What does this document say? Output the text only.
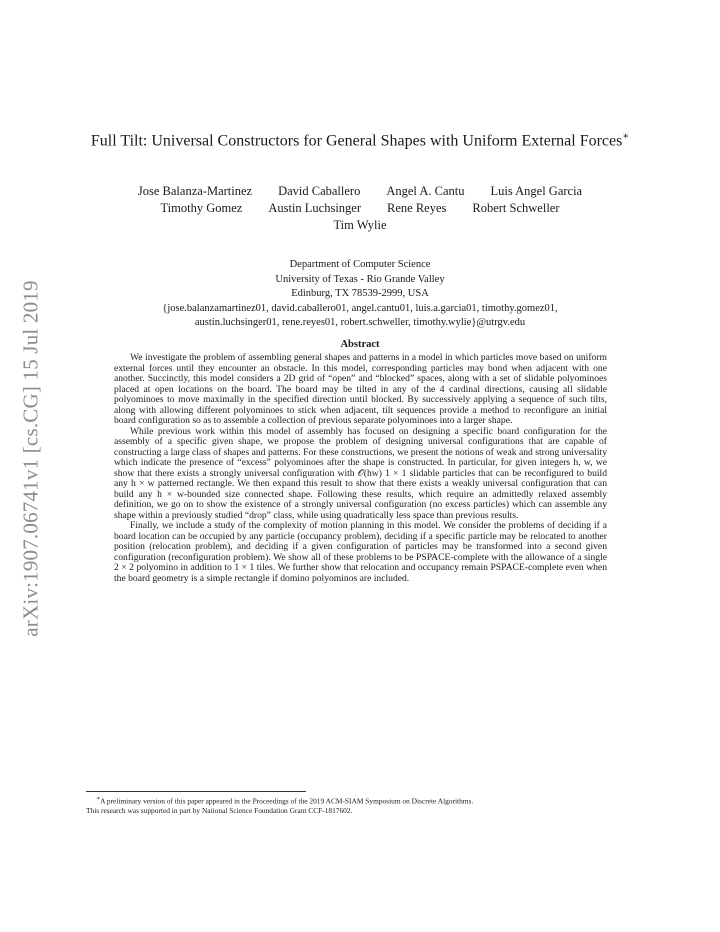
arXiv:1907.06741v1 [cs.CG] 15 Jul 2019
Full Tilt: Universal Constructors for General Shapes with Uniform External Forces∗
Jose Balanza-Martinez David Caballero Angel A. Cantu Luis Angel Garcia
Timothy Gomez Austin Luchsinger Rene Reyes Robert Schweller
Tim Wylie
Department of Computer Science
University of Texas - Rio Grande Valley
Edinburg, TX 78539-2999, USA
{jose.balanzamartinez01, david.caballero01, angel.cantu01, luis.a.garcia01, timothy.gomez01,
austin.luchsinger01, rene.reyes01, robert.schweller, timothy.wylie}@utrgv.edu
Abstract

We investigate the problem of assembling general shapes and patterns in a model in which particles move based on uniform external forces until they encounter an obstacle. In this model, corresponding particles may bond when adjacent with one another. Succinctly, this model considers a 2D grid of “open” and “blocked” spaces, along with a set of slidable polyominoes placed at open locations on the board. The board may be tilted in any of the 4 cardinal directions, causing all slidable polyominoes to move maximally in the specified direction until blocked. By successively applying a sequence of such tilts, along with allowing different polyominoes to stick when adjacent, tilt sequences provide a method to reconfigure an initial board configuration so as to assemble a collection of previous separate polyominoes into a larger shape.

While previous work within this model of assembly has focused on designing a specific board configuration for the assembly of a specific given shape, we propose the problem of designing universal configurations that are capable of constructing a large class of shapes and patterns. For these constructions, we present the notions of weak and strong universality which indicate the presence of “excess” polyominoes after the shape is constructed. In particular, for given integers h, w, we show that there exists a strongly universal configuration with 𝒪(hw) 1 × 1 slidable particles that can be reconfigured to build any h × w patterned rectangle. We then expand this result to show that there exists a weakly universal configuration that can build any h × w-bounded size connected shape. Following these results, which require an admittedly relaxed assembly definition, we go on to show the existence of a strongly universal configuration (no excess particles) which can assemble any shape within a previously studied “drop” class, while using quadratically less space than previous results.

Finally, we include a study of the complexity of motion planning in this model. We consider the problems of deciding if a board location can be occupied by any particle (occupancy problem), deciding if a specific particle may be relocated to another position (relocation problem), and deciding if a given configuration of particles may be transformed into a second given configuration (reconfiguration problem). We show all of these problems to be PSPACE-complete with the allowance of a single 2 × 2 polyomino in addition to 1 × 1 tiles. We further show that relocation and occupancy remain PSPACE-complete even when the board geometry is a simple rectangle if domino polyominos are included.

∗A preliminary version of this paper appeared in the Proceedings of the 2019 ACM-SIAM Symposium on Discrete Algorithms.

This research was supported in part by National Science Foundation Grant CCF-1817602.
